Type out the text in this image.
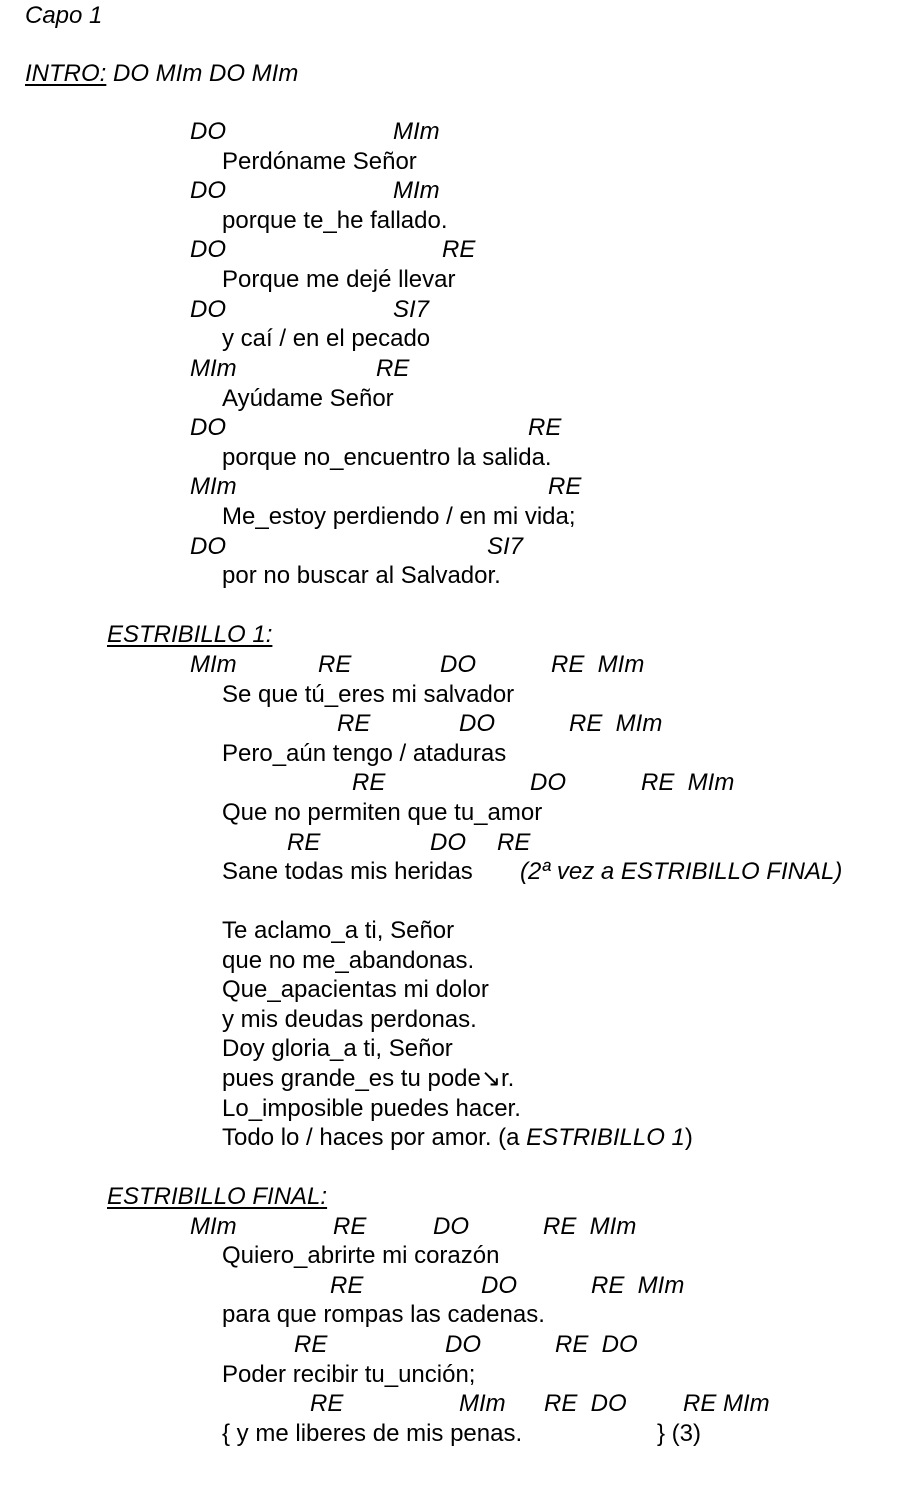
Capo 1
INTRO: DO MIm DO MIm
DO	MIm
Perdóname Señor
DO	MIm
porque te_he fallado.
DO	RE
Porque me dejé llevar
DO	SI7
y caí / en el pecado
MIm	RE
Ayúdame Señor
DO	RE
porque no_encuentro la salida.
MIm	RE
Me_estoy perdiendo / en mi vida;
DO	SI7
por no buscar al Salvador.
ESTRIBILLO 1:
MIm	RE	DO	RE  MIm
Se que tú_eres mi salvador
RE	DO	RE  MIm
Pero_aún tengo / ataduras
RE	DO	RE  MIm
Que no permiten que tu_amor
RE	DO RE
Sane todas mis heridas (2ª vez a ESTRIBILLO FINAL)
Te aclamo_a ti, Señor
que no me_abandonas.
Que_apacientas mi dolor
y mis deudas perdonas.
Doy gloria_a ti, Señor
pues grande_es tu pode↘r.
Lo_imposible puedes hacer.
Todo lo / haces por amor. (a ESTRIBILLO 1)
ESTRIBILLO FINAL:
MIm	RE	DO	RE  MIm
Quiero_abrirte mi corazón
RE	DO	RE  MIm
para que rompas las cadenas.
RE	DO	RE  DO
Poder recibir tu_unción;
RE	MIm RE  DO RE MIm
{ y me liberes de mis penas.	} (3)
